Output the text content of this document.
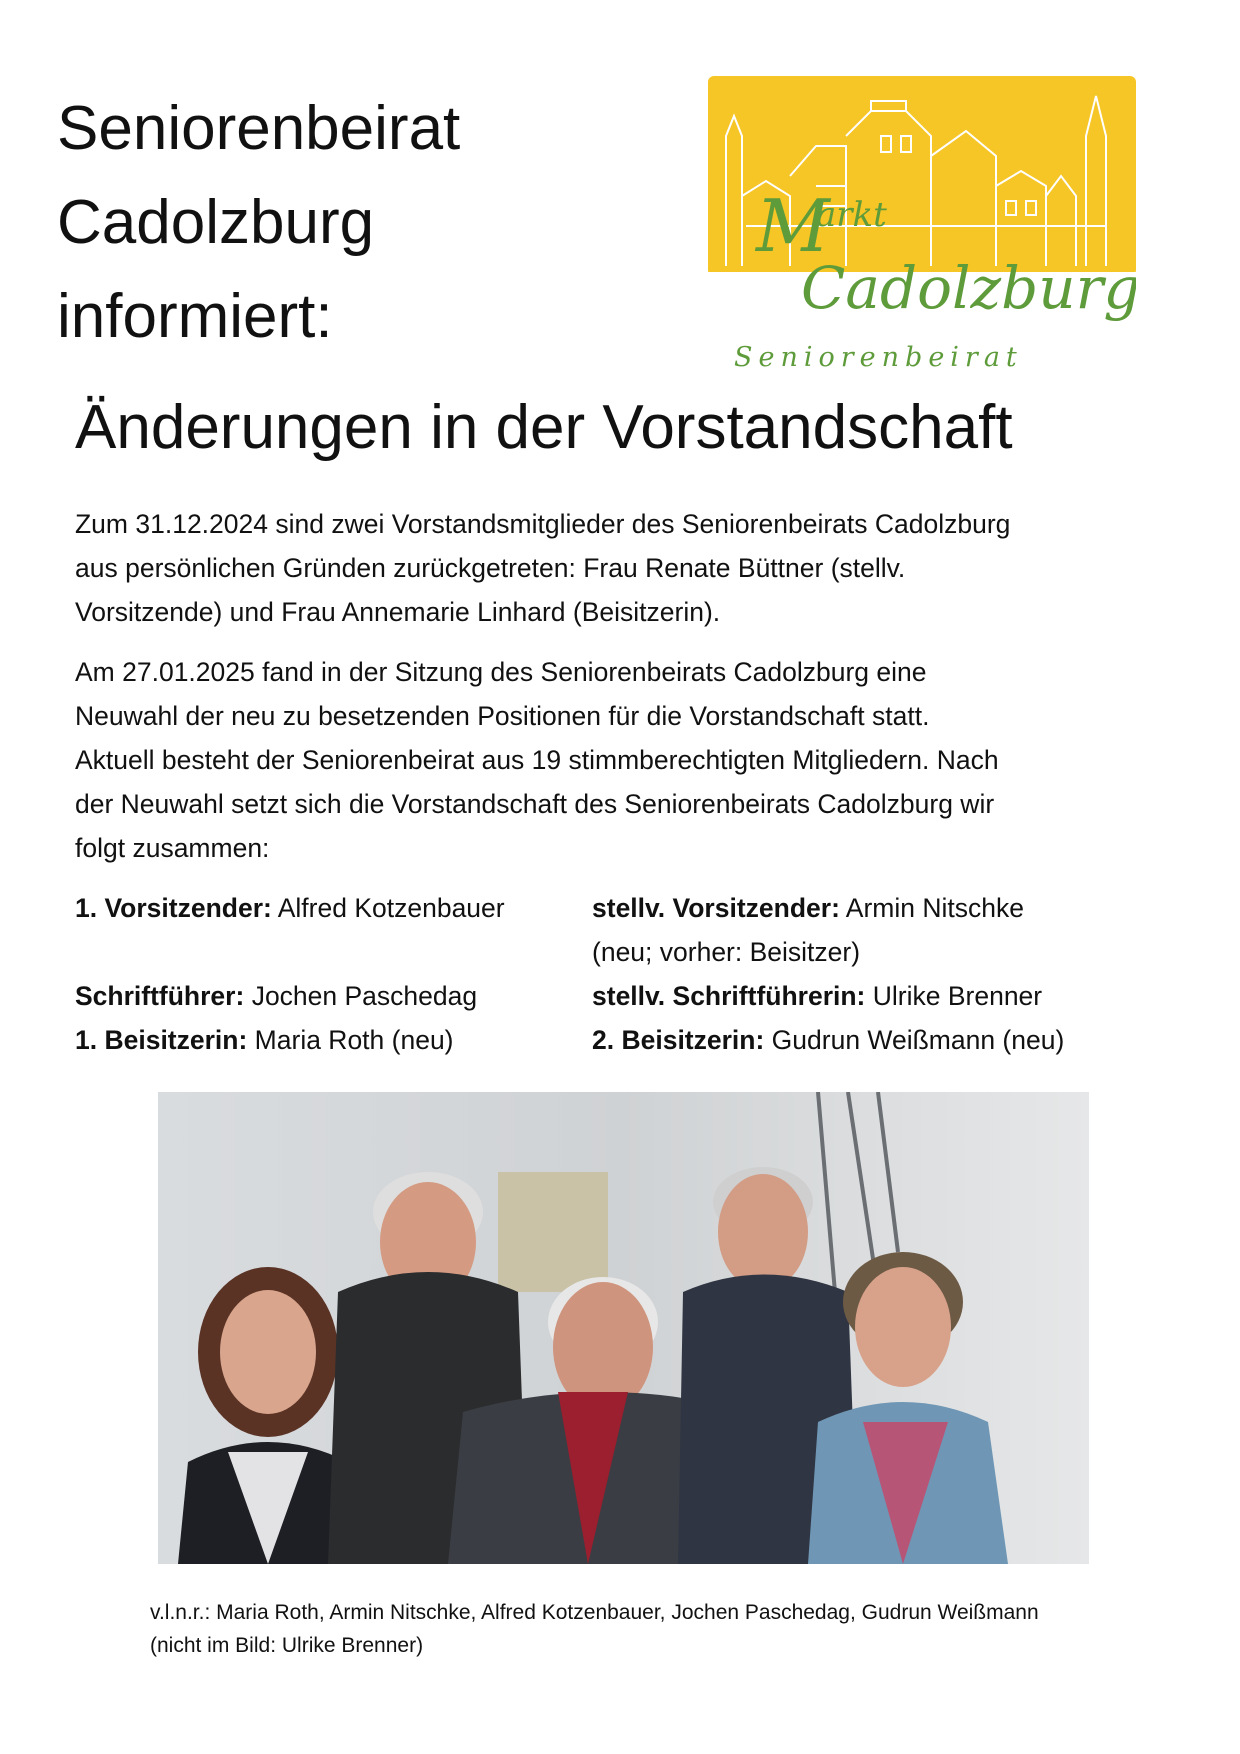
Seniorenbeirat
Cadolzburg
informiert:
M
arkt
Cadolzburg
Seniorenbeirat
Änderungen in der Vorstandschaft
Zum 31.12.2024 sind zwei Vorstandsmitglieder des Seniorenbeirats Cadolzburg
aus persönlichen Gründen zurückgetreten: Frau Renate Büttner (stellv.
Vorsitzende) und Frau Annemarie Linhard (Beisitzerin).
Am 27.01.2025 fand in der Sitzung des Seniorenbeirats Cadolzburg eine
Neuwahl der neu zu besetzenden Positionen für die Vorstandschaft statt.
Aktuell besteht der Seniorenbeirat aus 19 stimmberechtigten Mitgliedern. Nach
der Neuwahl setzt sich die Vorstandschaft des Seniorenbeirats Cadolzburg wir
folgt zusammen:
1. Vorsitzender: Alfred Kotzenbauer	stellv. Vorsitzender: Armin Nitschke
(neu; vorher: Beisitzer)
Schriftführer: Jochen Paschedag	stellv. Schriftführerin: Ulrike Brenner
1. Beisitzerin: Maria Roth (neu)	2. Beisitzerin: Gudrun Weißmann (neu)
v.l.n.r.: Maria Roth, Armin Nitschke, Alfred Kotzenbauer, Jochen Paschedag, Gudrun Weißmann
(nicht im Bild: Ulrike Brenner)
